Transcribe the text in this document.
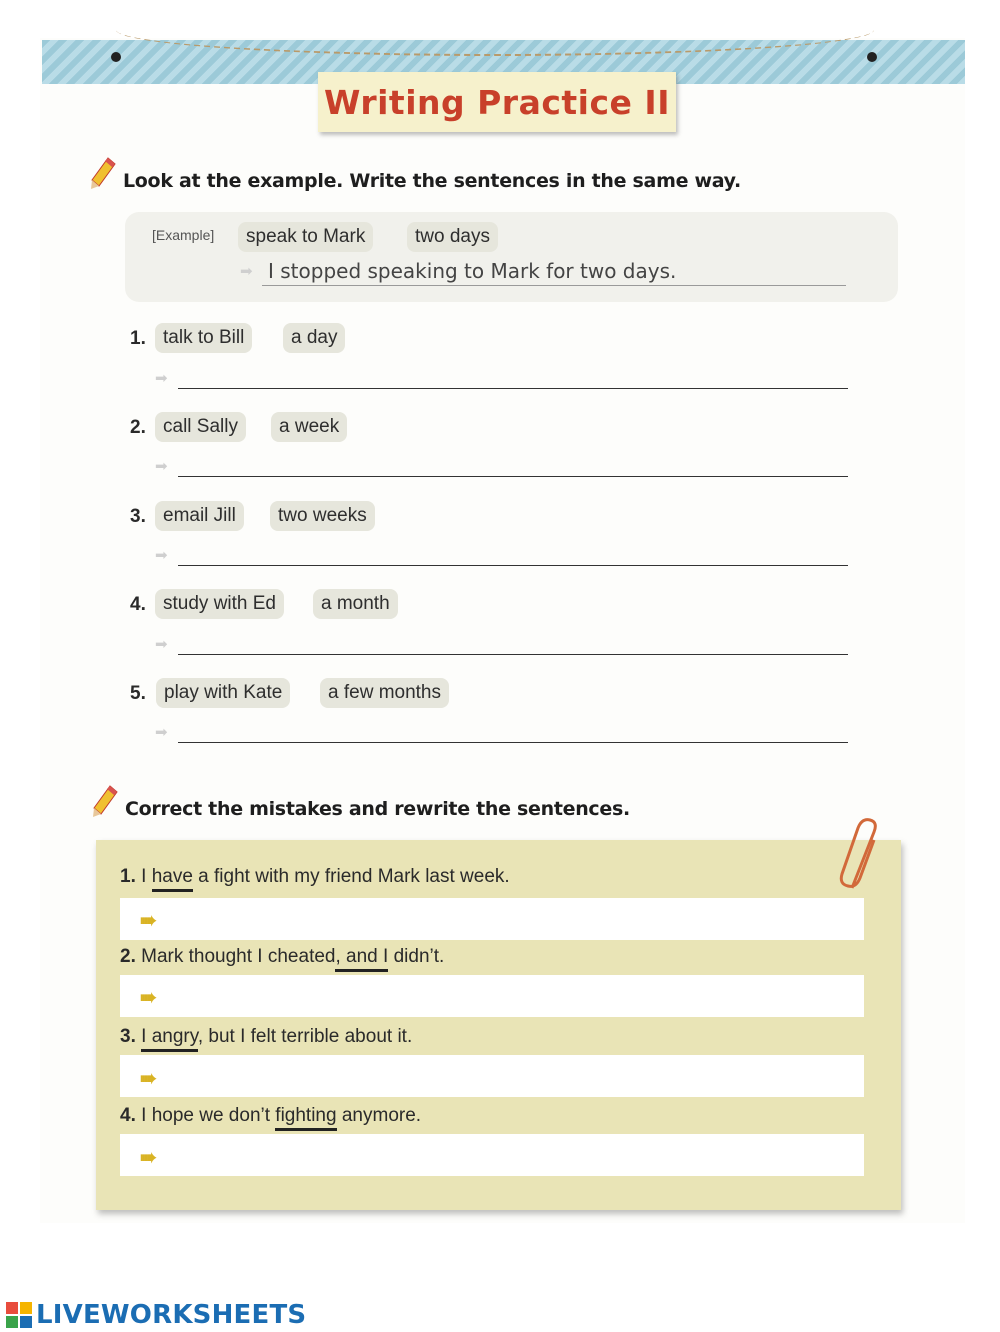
Writing Practice II
Look at the example. Write the sentences in the same way.
[Example]	speak to Mark	two days
➡ I stopped speaking to Mark for two days.
1. talk to Bill	a day
➡
2. call Sally	a week
➡
3. email Jill	two weeks
➡
4. study with Ed	a month
➡
5. play with Kate	a few months
➡
Correct the mistakes and rewrite the sentences.
1. I have a fight with my friend Mark last week.
➠
2. Mark thought I cheated, and I didn’t.
➠
3. I angry, but I felt terrible about it.
➠
4. I hope we don’t fighting anymore.
➠
LIVEWORKSHEETS
